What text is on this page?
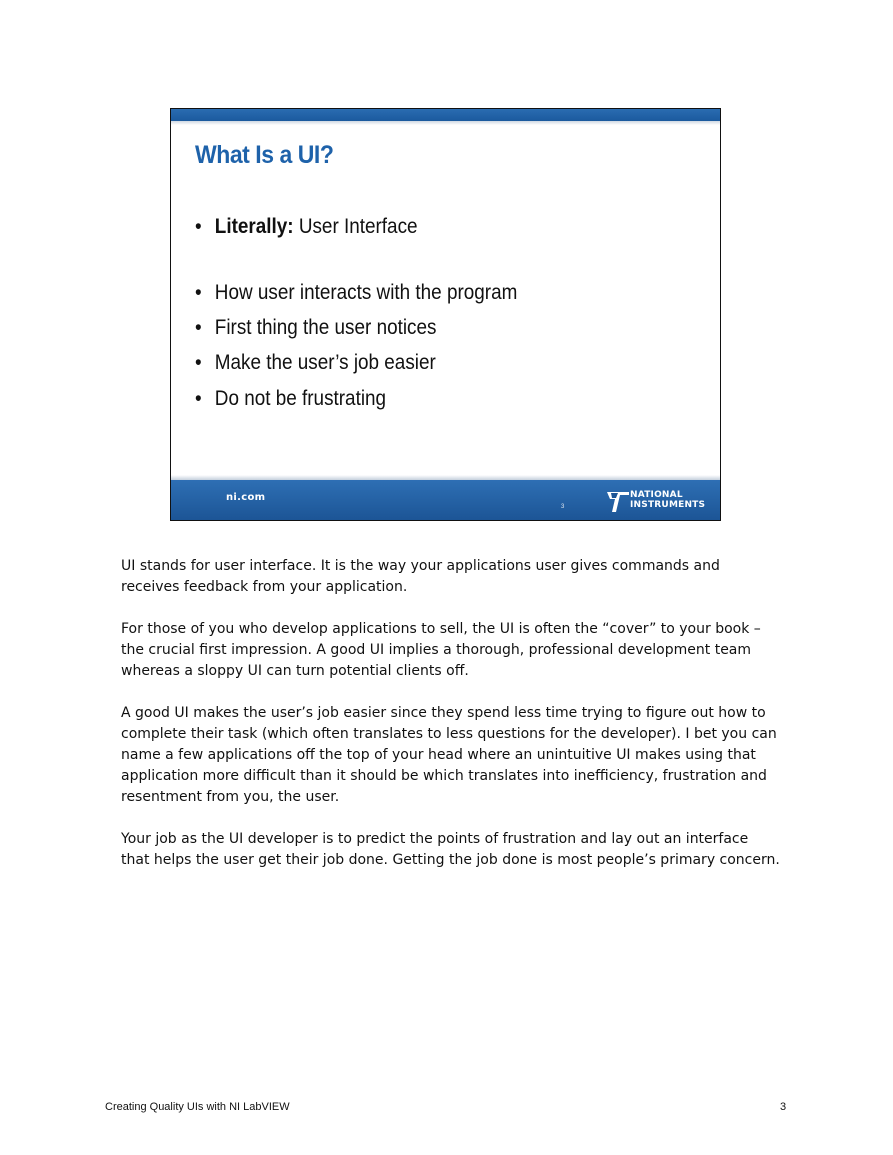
What Is a UI?
• Literally: User Interface
• How user interacts with the program
• First thing the user notices
• Make the user’s job easier
• Do not be frustrating
ni.com
3
NATIONAL
INSTRUMENTS

UI stands for user interface. It is the way your applications user gives commands and receives feedback from your application.

For those of you who develop applications to sell, the UI is often the “cover” to your book – the crucial first impression. A good UI implies a thorough, professional development team whereas a sloppy UI can turn potential clients off.

A good UI makes the user’s job easier since they spend less time trying to figure out how to complete their task (which often translates to less questions for the developer). I bet you can name a few applications off the top of your head where an unintuitive UI makes using that application more difficult than it should be which translates into inefficiency, frustration and resentment from you, the user.

Your job as the UI developer is to predict the points of frustration and lay out an interface that helps the user get their job done. Getting the job done is most people’s primary concern.

Creating Quality UIs with NI LabVIEW	3
